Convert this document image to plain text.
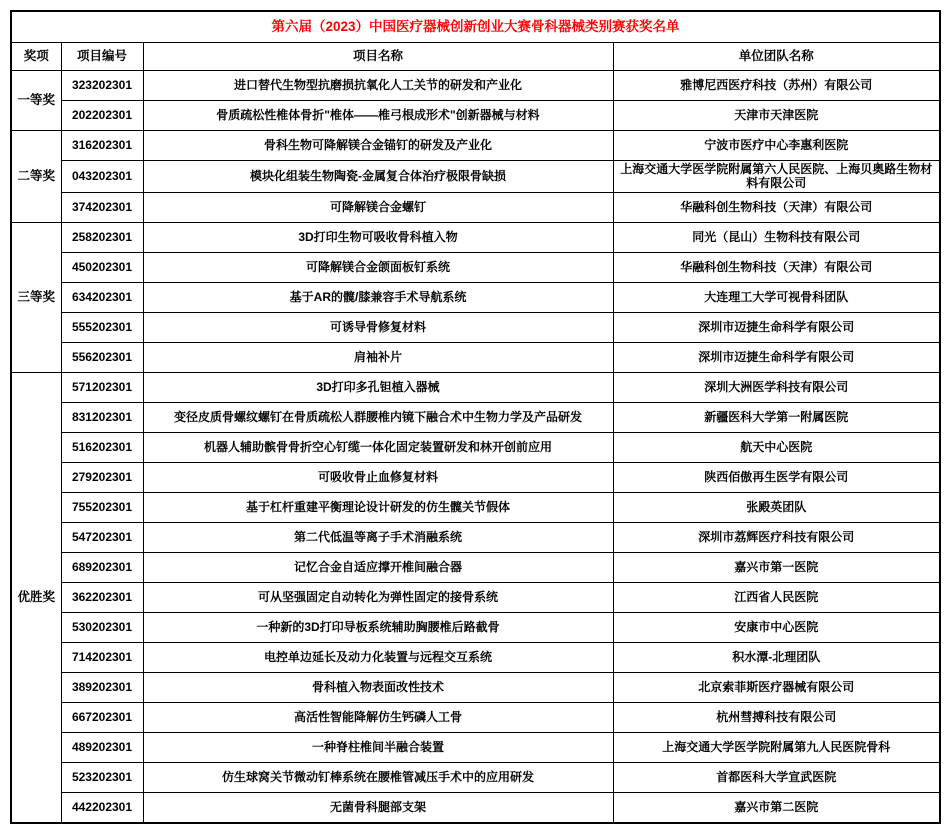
第六届（2023）中国医疗器械创新创业大赛骨科器械类别赛获奖名单			
奖项	项目编号	项目名称	单位团队名称
一等奖	323202301	进口替代生物型抗磨损抗氧化人工关节的研发和产业化	雅博尼西医疗科技（苏州）有限公司
	202202301	骨质疏松性椎体骨折"椎体——椎弓根成形术"创新器械与材料	天津市天津医院
二等奖	316202301	骨科生物可降解镁合金锚钉的研发及产业化	宁波市医疗中心李惠利医院
	043202301	模块化组装生物陶瓷-金属复合体治疗极限骨缺损	上海交通大学医学院附属第六人民医院、上海贝奥路生物材料有限公司
	374202301	可降解镁合金螺钉	华融科创生物科技（天津）有限公司
三等奖	258202301	3D打印生物可吸收骨科植入物	同光（昆山）生物科技有限公司
	450202301	可降解镁合金颌面板钉系统	华融科创生物科技（天津）有限公司
	634202301	基于AR的髋/膝兼容手术导航系统	大连理工大学可视骨科团队
	555202301	可诱导骨修复材料	深圳市迈捷生命科学有限公司
	556202301	肩袖补片	深圳市迈捷生命科学有限公司
优胜奖	571202301	3D打印多孔钽植入器械	深圳大洲医学科技有限公司
	831202301	变径皮质骨螺纹螺钉在骨质疏松人群腰椎内镜下融合术中生物力学及产品研发	新疆医科大学第一附属医院
	516202301	机器人辅助髌骨骨折空心钉缆一体化固定装置研发和林开创前应用	航天中心医院
	279202301	可吸收骨止血修复材料	陕西佰傲再生医学有限公司
	755202301	基于杠杆重建平衡理论设计研发的仿生髋关节假体	张殿英团队
	547202301	第二代低温等离子手术消融系统	深圳市荔辉医疗科技有限公司
	689202301	记忆合金自适应撑开椎间融合器	嘉兴市第一医院
	362202301	可从坚强固定自动转化为弹性固定的接骨系统	江西省人民医院
	530202301	一种新的3D打印导板系统辅助胸腰椎后路截骨	安康市中心医院
	714202301	电控单边延长及动力化装置与远程交互系统	积水潭-北理团队
	389202301	骨科植入物表面改性技术	北京索菲斯医疗器械有限公司
	667202301	高活性智能降解仿生钙磷人工骨	杭州彗搏科技有限公司
	489202301	一种脊柱椎间半融合装置	上海交通大学医学院附属第九人民医院骨科
	523202301	仿生球窝关节微动钉棒系统在腰椎管减压手术中的应用研发	首都医科大学宣武医院
	442202301	无菌骨科腿部支架	嘉兴市第二医院
